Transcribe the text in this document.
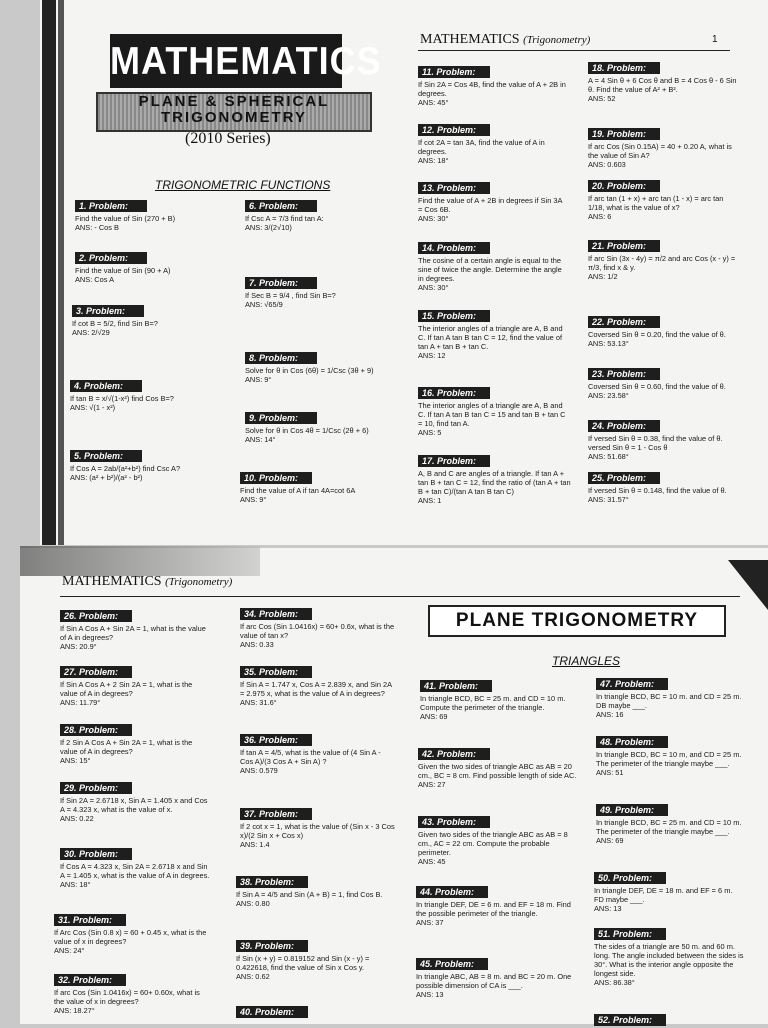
MATHEMATICS
PLANE & SPHERICAL
TRIGONOMETRY
(2010 Series)
MATHEMATICS (Trigonometry)	1
TRIGONOMETRIC FUNCTIONS
MATHEMATICS (Trigonometry)
PLANE TRIGONOMETRY
TRIANGLES
1. Problem:
Find the value of Sin (270 + B)
ANS: - Cos B
2. Problem:
Find the value of Sin (90 + A)
ANS: Cos A
3. Problem:
If cot B = 5/2, find Sin B=?
ANS: 2/√29
4. Problem:
If tan B = x/√(1-x²) find Cos B=?
ANS: √(1 - x²)
5. Problem:
If Cos A = 2ab/(a²+b²) find Csc A?
ANS: (a² + b²)/(a² - b²)
6. Problem:
If Csc A = 7/3 find tan A:
ANS: 3/(2√10)
7. Problem:
If Sec B = 9/4 , find Sin B=?
ANS: √65/9
8. Problem:
Solve for θ in Cos (6θ) = 1/Csc (3θ + 9)
ANS: 9°
9. Problem:
Solve for θ in Cos 4θ = 1/Csc (2θ + 6)
ANS: 14°
10. Problem:
Find the value of A if tan 4A=cot 6A
ANS: 9°
11. Problem:
If Sin 2A = Cos 4B, find the value of A + 2B in degrees.
ANS: 45°
12. Problem:
If cot 2A = tan 3A, find the value of A in degrees.
ANS: 18°
13. Problem:
Find the value of A + 2B in degrees if Sin 3A = Cos 6B.
ANS: 30°
14. Problem:
The cosine of a certain angle is equal to the sine of twice the angle. Determine the angle in degrees.
ANS: 30°
15. Problem:
The interior angles of a triangle are A, B and C. If tan A tan B tan C = 12, find the value of tan A + tan B + tan C.
ANS: 12
16. Problem:
The interior angles of a triangle are A, B and C. If tan A tan B tan C = 15 and tan B + tan C = 10, find tan A.
ANS: 5
17. Problem:
A, B and C are angles of a triangle. If tan A + tan B + tan C = 12, find the ratio of (tan A + tan B + tan C)/(tan A tan B tan C)
ANS: 1
18. Problem:
A = 4 Sin θ + 6 Cos θ and B = 4 Cos θ - 6 Sin θ. Find the value of A² + B².
ANS: 52
19. Problem:
If arc Cos (Sin 0.15A) = 40 + 0.20 A, what is the value of Sin A?
ANS: 0.603
20. Problem:
If arc tan (1 + x) + arc tan (1 - x) = arc tan 1/18, what is the value of x?
ANS: 6
21. Problem:
If arc Sin (3x - 4y) = π/2 and arc Cos (x - y) = π/3, find x & y.
ANS: 1/2
22. Problem:
Coversed Sin θ = 0.20, find the value of θ.
ANS: 53.13°
23. Problem:
Coversed Sin θ = 0.60, find the value of θ.
ANS: 23.58°
24. Problem:
If versed Sin θ = 0.38, find the value of θ. versed Sin θ = 1 - Cos θ
ANS: 51.68°
25. Problem:
If versed Sin θ = 0.148, find the value of θ.
ANS: 31.57°
26. Problem:
If Sin A Cos A + Sin 2A = 1, what is the value of A in degrees?
ANS: 20.9°
27. Problem:
If Sin A Cos A + 2 Sin 2A = 1, what is the value of A in degrees?
ANS: 11.79°
28. Problem:
If 2 Sin A Cos A + Sin 2A = 1, what is the value of A in degrees?
ANS: 15°
29. Problem:
If Sin 2A = 2.6718 x, Sin A = 1.405 x and Cos A = 4.323 x, what is the value of x.
ANS: 0.22
30. Problem:
If Cos A = 4.323 x, Sin 2A = 2.6718 x and Sin A = 1.405 x, what is the value of A in degrees.
ANS: 18°
31. Problem:
If Arc Cos (Sin 0.8 x) = 60 + 0.45 x, what is the value of x in degrees?
ANS: 24°
32. Problem:
If arc Cos (Sin 1.0416x) = 60+ 0.60x, what is the value of x in degrees?
ANS: 18.27°
34. Problem:
If arc Cos (Sin 1.0416x) = 60+ 0.6x, what is the value of tan x?
ANS: 0.33
35. Problem:
If Sin A = 1.747 x, Cos A = 2.839 x, and Sin 2A = 2.975 x, what is the value of A in degrees?
ANS: 31.6°
36. Problem:
If tan A = 4/5, what is the value of (4 Sin A - Cos A)/(3 Cos A + Sin A) ?
ANS: 0.579
37. Problem:
If 2 cot x = 1, what is the value of (Sin x - 3 Cos x)/(2 Sin x + Cos x)
ANS: 1.4
38. Problem:
If Sin A = 4/5 and Sin (A + B) = 1, find Cos B.
ANS: 0.80
39. Problem:
If Sin (x + y) = 0.819152 and Sin (x - y) = 0.422618, find the value of Sin x Cos y.
ANS: 0.62
40. Problem:
41. Problem:
In triangle BCD, BC = 25 m. and CD = 10 m. Compute the perimeter of the triangle.
ANS: 69
42. Problem:
Given the two sides of triangle ABC as AB = 20 cm., BC = 8 cm. Find possible length of side AC.
ANS: 27
43. Problem:
Given two sides of the triangle ABC as AB = 8 cm., AC = 22 cm. Compute the probable perimeter.
ANS: 45
44. Problem:
In triangle DEF, DE = 6 m. and EF = 18 m. Find the possible perimeter of the triangle.
ANS: 37
45. Problem:
In triangle ABC, AB = 8 m. and BC = 20 m. One possible dimension of CA is ___.
ANS: 13
47. Problem:
In triangle BCD, BC = 10 m. and CD = 25 m. DB maybe ___.
ANS: 16
48. Problem:
In triangle BCD, BC = 10 m, and CD = 25 m. The perimeter of the triangle maybe ___.
ANS: 51
49. Problem:
In triangle BCD, BC = 25 m. and CD = 10 m. The perimeter of the triangle maybe ___.
ANS: 69
50. Problem:
In triangle DEF, DE = 18 m. and EF = 6 m. FD maybe ___.
ANS: 13
51. Problem:
The sides of a triangle are 50 m. and 60 m. long. The angle included between the sides is 30°. What is the interior angle opposite the longest side.
ANS: 86.38°
52. Problem:
